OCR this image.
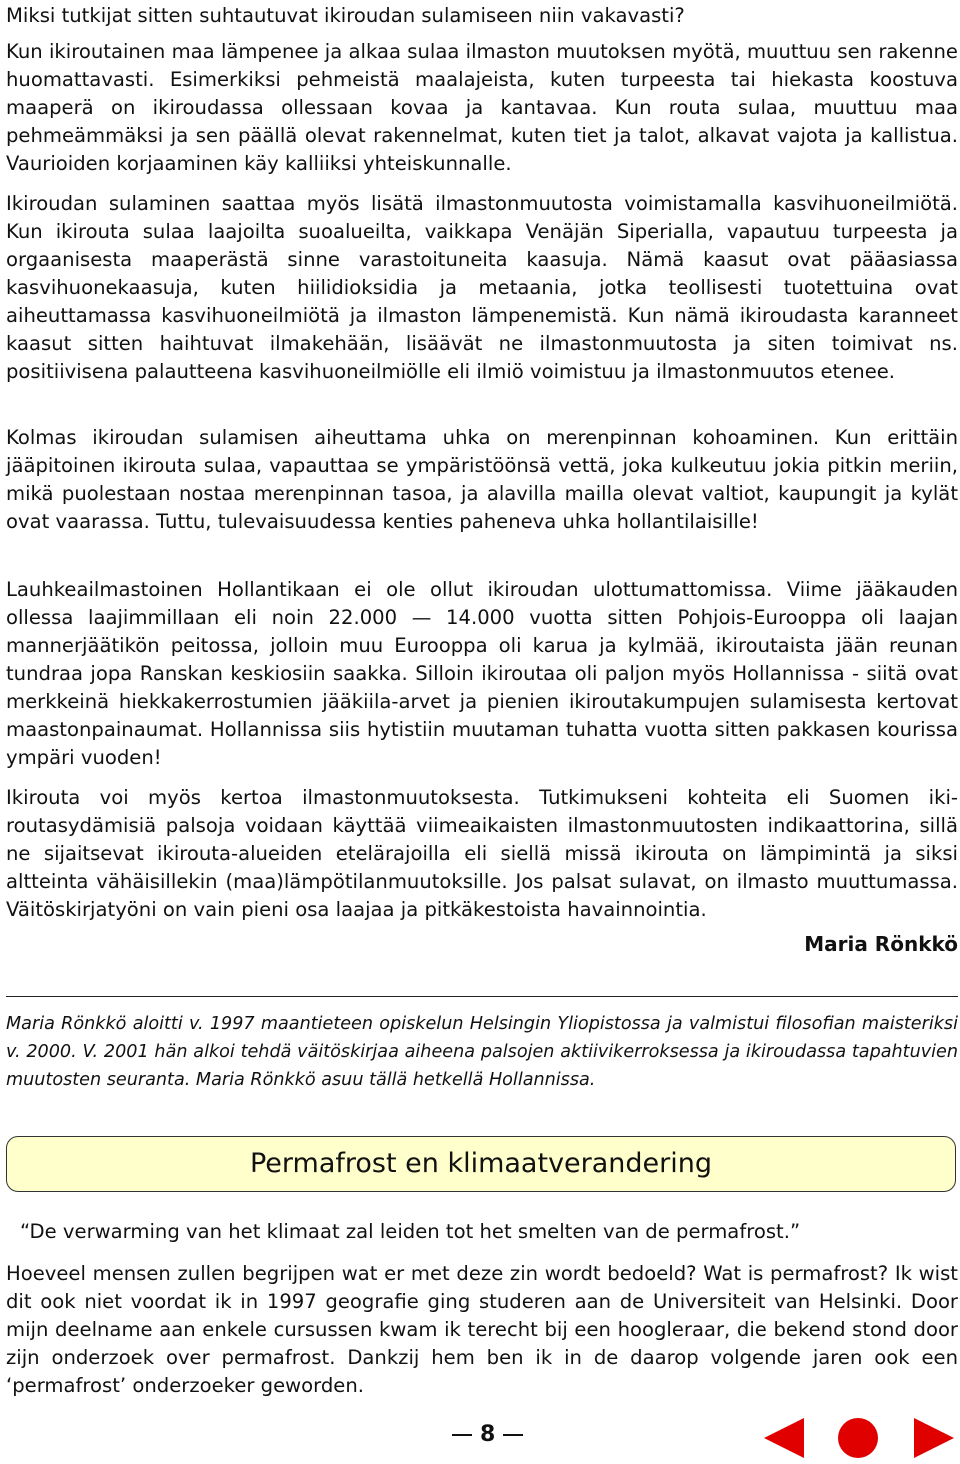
Miksi tutkijat sitten suhtautuvat ikiroudan sulamiseen niin vakavasti?

Kun ikiroutainen maa lämpenee ja alkaa sulaa ilmaston muutoksen myötä, muuttuu sen rakenne huomattavasti. Esimerkiksi pehmeistä maalajeista, kuten turpeesta tai hiekasta koostuva maaperä on ikiroudassa ollessaan kovaa ja kantavaa. Kun routa sulaa, muuttuu maa pehmeämmäksi ja sen päällä olevat rakennelmat, kuten tiet ja talot, alkavat vajota ja kallistua. Vaurioiden korjaaminen käy kalliiksi yhteiskunnalle.

Ikiroudan sulaminen saattaa myös lisätä ilmastonmuutosta voimistamalla kasvihuoneilmiötä. Kun ikirouta sulaa laajoilta suoalueilta, vaikkapa Venäjän Siperialla, vapautuu turpeesta ja orgaanisesta maaperästä sinne varastoituneita kaasuja. Nämä kaasut ovat pääasiassa kasvihuonekaasuja, kuten hiilidioksidia ja metaania, jotka teollisesti tuotettuina ovat aiheuttamassa kasvihuoneilmiötä ja ilmaston lämpenemistä. Kun nämä ikiroudasta karanneet kaasut sitten haihtuvat ilmakehään, lisäävät ne ilmastonmuutosta ja siten toimivat ns. positiivisena palautteena kasvihuoneilmiölle eli ilmiö voimistuu ja ilmastonmuutos etenee.

Kolmas ikiroudan sulamisen aiheuttama uhka on merenpinnan kohoaminen. Kun erittäin jääpitoinen ikirouta sulaa, vapauttaa se ympäristöönsä vettä, joka kulkeutuu jokia pitkin meriin, mikä puolestaan nostaa merenpinnan tasoa, ja alavilla mailla olevat valtiot, kaupungit ja kylät ovat vaarassa. Tuttu, tulevaisuudessa kenties paheneva uhka hollantilaisille!

Lauhkeailmastoinen Hollantikaan ei ole ollut ikiroudan ulottumattomissa. Viime jääkauden ollessa laajimmillaan eli noin 22.000 — 14.000 vuotta sitten Pohjois-Eurooppa oli laajan mannerjäätikön peitossa, jolloin muu Eurooppa oli karua ja kylmää, ikiroutaista jään reunan tundraa jopa Ranskan keskiosiin saakka. Silloin ikiroutaa oli paljon myös Hollannissa - siitä ovat merkkeinä hiekkakerrostumien jääkiila-arvet ja pienien ikiroutakumpujen sulamisesta kertovat maastonpainaumat. Hollannissa siis hytistiin muutaman tuhatta vuotta sitten pakkasen kourissa ympäri vuoden!

Ikirouta voi myös kertoa ilmastonmuutoksesta. Tutkimukseni kohteita eli Suomen ikiroutasydämisiä palsoja voidaan käyttää viimeaikaisten ilmastonmuutosten indikaattorina, sillä ne sijaitsevat ikirouta-alueiden etelärajoilla eli siellä missä ikirouta on lämpimintä ja siksi altteinta vähäisillekin (maa)lämpötilanmuutoksille. Jos palsat sulavat, on ilmasto muuttumassa. Väitöskirjatyöni on vain pieni osa laajaa ja pitkäkestoista havainnointia.

Maria Rönkkö

Maria Rönkkö aloitti v. 1997 maantieteen opiskelun Helsingin Yliopistossa ja valmistui filosofian maisteriksi v. 2000. V. 2001 hän alkoi tehdä väitöskirjaa aiheena palsojen aktiivikerroksessa ja ikiroudassa tapahtuvien muutosten seuranta. Maria Rönkkö asuu tällä hetkellä Hollannissa.

Permafrost en klimaatverandering
“De verwarming van het klimaat zal leiden tot het smelten van de permafrost.”

Hoeveel mensen zullen begrijpen wat er met deze zin wordt bedoeld? Wat is permafrost? Ik wist dit ook niet voordat ik in 1997 geografie ging studeren aan de Universiteit van Helsinki. Door mijn deelname aan enkele cursussen kwam ik terecht bij een hoogleraar, die bekend stond door zijn onderzoek over permafrost. Dankzij hem ben ik in de daarop volgende jaren ook een ‘permafrost’ onderzoeker geworden.

8
